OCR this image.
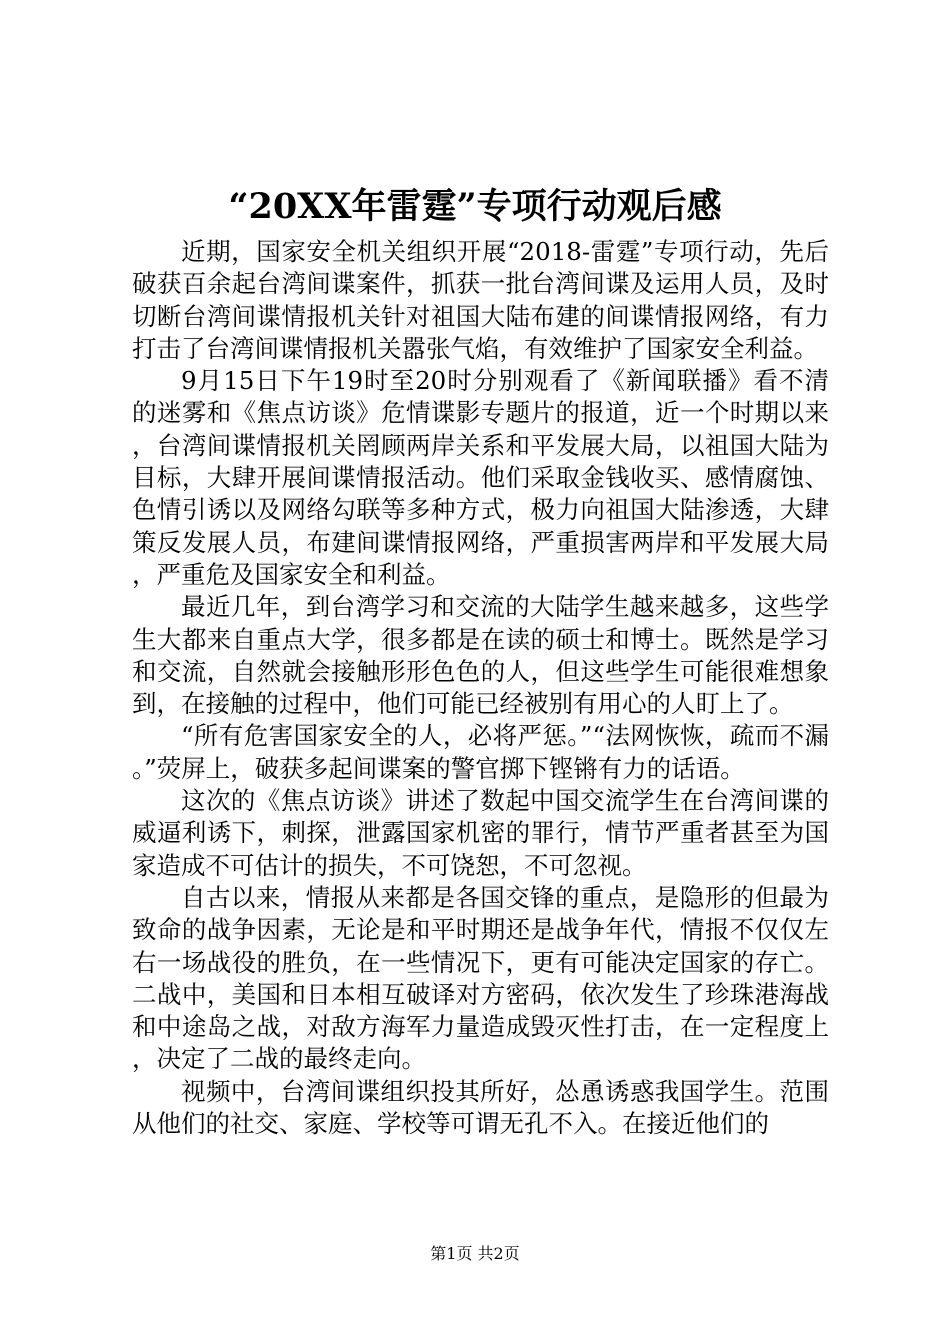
“20XX年雷霆”专项行动观后感

近期，国家安全机关组织开展“2018-雷霆”专项行动，先后破获百余起台湾间谍案件，抓获一批台湾间谍及运用人员，及时切断台湾间谍情报机关针对祖国大陆布建的间谍情报网络，有力打击了台湾间谍情报机关嚣张气焰，有效维护了国家安全利益。

9月15日下午19时至20时分别观看了《新闻联播》看不清的迷雾和《焦点访谈》危情谍影专题片的报道，近一个时期以来，台湾间谍情报机关罔顾两岸关系和平发展大局，以祖国大陆为目标，大肆开展间谍情报活动。他们采取金钱收买、感情腐蚀、色情引诱以及网络勾联等多种方式，极力向祖国大陆渗透，大肆策反发展人员，布建间谍情报网络，严重损害两岸和平发展大局，严重危及国家安全和利益。

最近几年，到台湾学习和交流的大陆学生越来越多，这些学生大都来自重点大学，很多都是在读的硕士和博士。既然是学习和交流，自然就会接触形形色色的人，但这些学生可能很难想象到，在接触的过程中，他们可能已经被别有用心的人盯上了。

“所有危害国家安全的人，必将严惩。”“法网恢恢，疏而不漏。”荧屏上，破获多起间谍案的警官掷下铿锵有力的话语。

这次的《焦点访谈》讲述了数起中国交流学生在台湾间谍的威逼利诱下，刺探，泄露国家机密的罪行，情节严重者甚至为国家造成不可估计的损失，不可饶恕，不可忽视。

自古以来，情报从来都是各国交锋的重点，是隐形的但最为致命的战争因素，无论是和平时期还是战争年代，情报不仅仅左右一场战役的胜负，在一些情况下，更有可能决定国家的存亡。二战中，美国和日本相互破译对方密码，依次发生了珍珠港海战和中途岛之战，对敌方海军力量造成毁灭性打击，在一定程度上，决定了二战的最终走向。

视频中，台湾间谍组织投其所好，怂恿诱惑我国学生。范围从他们的社交、家庭、学校等可谓无孔不入。在接近他们的

第1页 共2页
